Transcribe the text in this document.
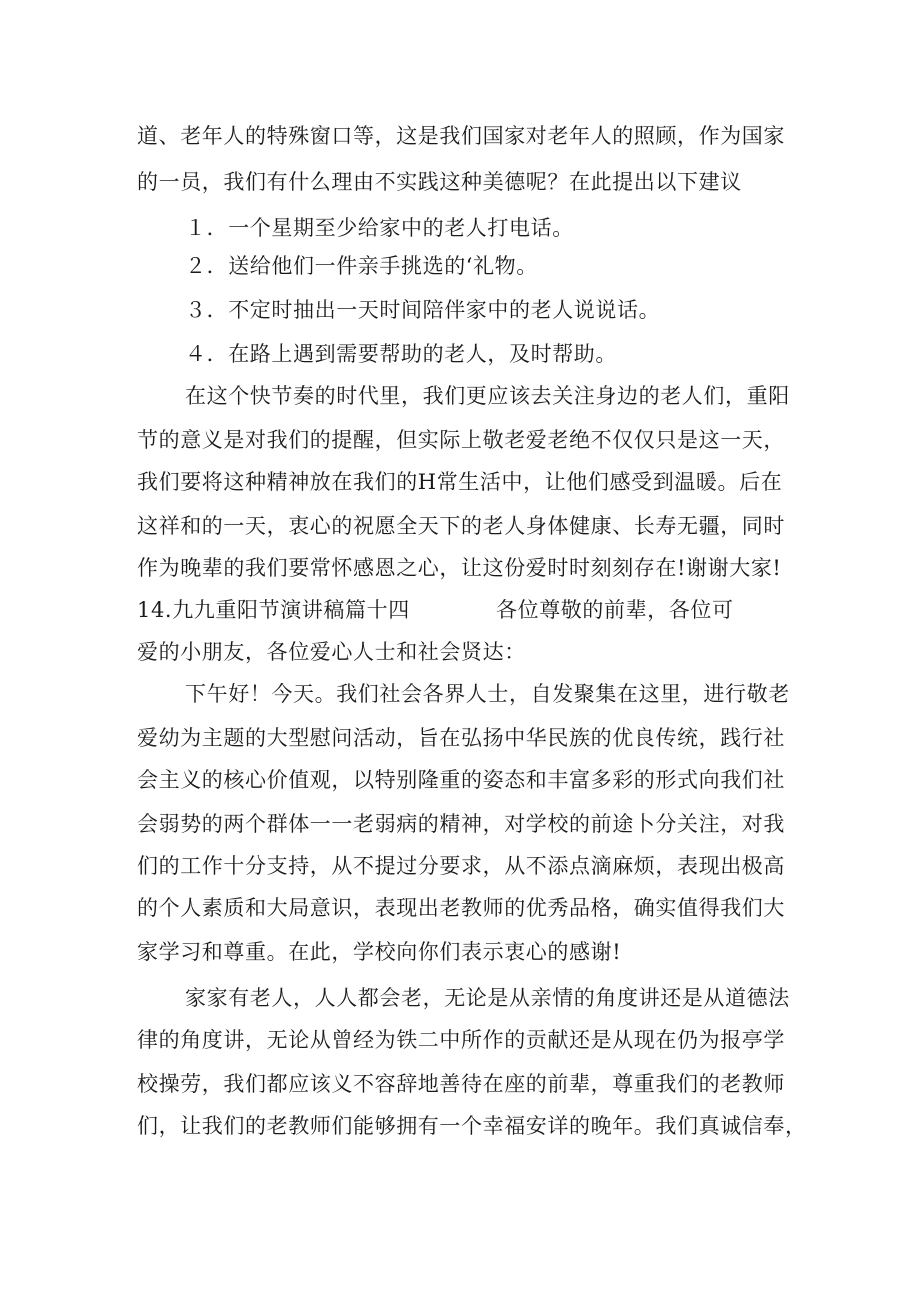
道、老年人的特殊窗口等，这是我们国家对老年人的照顾，作为国家
的一员，我们有什么理由不实践这种美德呢？在此提出以下建议
１．一个星期至少给家中的老人打电话。
２．送给他们一件亲手挑选的‘礼物。
３．不定时抽出一天时间陪伴家中的老人说说话。
４．在路上遇到需要帮助的老人，及时帮助。
在这个快节奏的时代里，我们更应该去关注身边的老人们，重阳
节的意义是对我们的提醒，但实际上敬老爱老绝不仅仅只是这一天，
我们要将这种精神放在我们的H常生活中，让他们感受到温暖。后在
这祥和的一天，衷心的祝愿全天下的老人身体健康、长寿无疆，同时
作为晚辈的我们要常怀感恩之心，让这份爱时时刻刻存在!谢谢大家!
14.九九重阳节演讲稿篇十四	各位尊敬的前辈，各位可
爱的小朋友，各位爱心人士和社会贤达：
下午好！今天。我们社会各界人士，自发聚集在这里，进行敬老
爱幼为主题的大型慰问活动，旨在弘扬中华民族的优良传统，践行社
会主义的核心价值观，以特别隆重的姿态和丰富多彩的形式向我们社
会弱势的两个群体一一老弱病的精神，对学校的前途卜分关注，对我
们的工作十分支持，从不提过分要求，从不添点滴麻烦，表现出极高
的个人素质和大局意识，表现出老教师的优秀品格，确实值得我们大
家学习和尊重。在此，学校向你们表示衷心的感谢!
家家有老人，人人都会老，无论是从亲情的角度讲还是从道德法
律的角度讲，无论从曾经为铁二中所作的贡献还是从现在仍为报亭学
校操劳，我们都应该义不容辞地善待在座的前辈，尊重我们的老教师
们，让我们的老教师们能够拥有一个幸福安详的晚年。我们真诚信奉，
